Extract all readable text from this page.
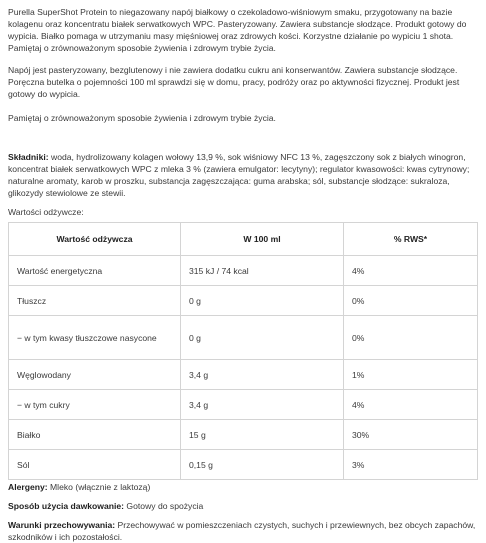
Purella SuperShot Protein to niegazowany napój białkowy o czekoladowo-wiśniowym smaku, przygotowany na bazie kolagenu oraz koncentratu białek serwatkowych WPC. Pasteryzowany. Zawiera substancje słodzące. Produkt gotowy do wypicia. Białko pomaga w utrzymaniu masy mięśniowej oraz zdrowych kości. Korzystne działanie po wypiciu 1 shota. Pamiętaj o zrównoważonym sposobie żywienia i zdrowym trybie życia.

Napój jest pasteryzowany, bezglutenowy i nie zawiera dodatku cukru ani konserwantów. Zawiera substancje słodzące. Poręczna butelka o pojemności 100 ml sprawdzi się w domu, pracy, podróży oraz po aktywności fizycznej. Produkt jest gotowy do wypicia.

Pamiętaj o zrównoważonym sposobie żywienia i zdrowym trybie życia.

Składniki: woda, hydrolizowany kolagen wołowy 13,9 %, sok wiśniowy NFC 13 %, zagęszczony sok z białych winogron, koncentrat białek serwatkowych WPC z mleka 3 % (zawiera emulgator: lecytyny); regulator kwasowości: kwas cytrynowy; naturalne aromaty, karob w proszku, substancja zagęszczająca: guma arabska; sól, substancje słodzące: sukraloza, glikozydy stewiolowe ze stewii.

Wartości odżywcze:

Wartość odżywcza	W 100 ml	% RWS*
Wartość energetyczna	315 kJ / 74 kcal	4%
Tłuszcz	0 g	0%
− w tym kwasy tłuszczowe nasycone	0 g	0%
Węglowodany	3,4 g	1%
− w tym cukry	3,4 g	4%
Białko	15 g	30%
Sól	0,15 g	3%

Alergeny: Mleko (włącznie z laktozą)

Sposób użycia dawkowanie: Gotowy do spożycia

Warunki przechowywania: Przechowywać w pomieszczeniach czystych, suchych i przewiewnych, bez obcych zapachów, szkodników i ich pozostałości.
